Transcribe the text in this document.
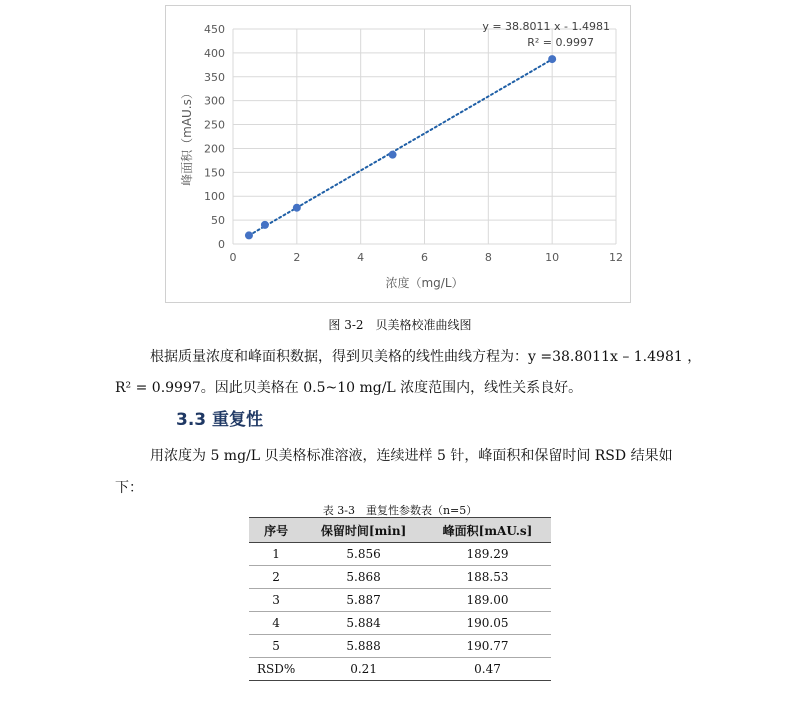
0
50
100
150
200
250
300
350
400
450
0	2	4	6	8	10	12
y = 38.8011 x - 1.4981
R² = 0.9997
浓度（mg/L）
峰面积（mAU.s）
图 3-2　贝美格校准曲线图
根据质量浓度和峰面积数据，得到贝美格的线性曲线方程为：y =38.8011x – 1.4981 ，
R² = 0.9997。因此贝美格在 0.5~10 mg/L 浓度范围内，线性关系良好。
3.3 重复性
用浓度为 5 mg/L 贝美格标准溶液，连续进样 5 针，峰面积和保留时间 RSD 结果如
下：
表 3-3　重复性参数表（n=5）
序号	保留时间[min]	峰面积[mAU.s]
1	5.856	189.29
2	5.868	188.53
3	5.887	189.00
4	5.884	190.05
5	5.888	190.77
RSD%	0.21	0.47
